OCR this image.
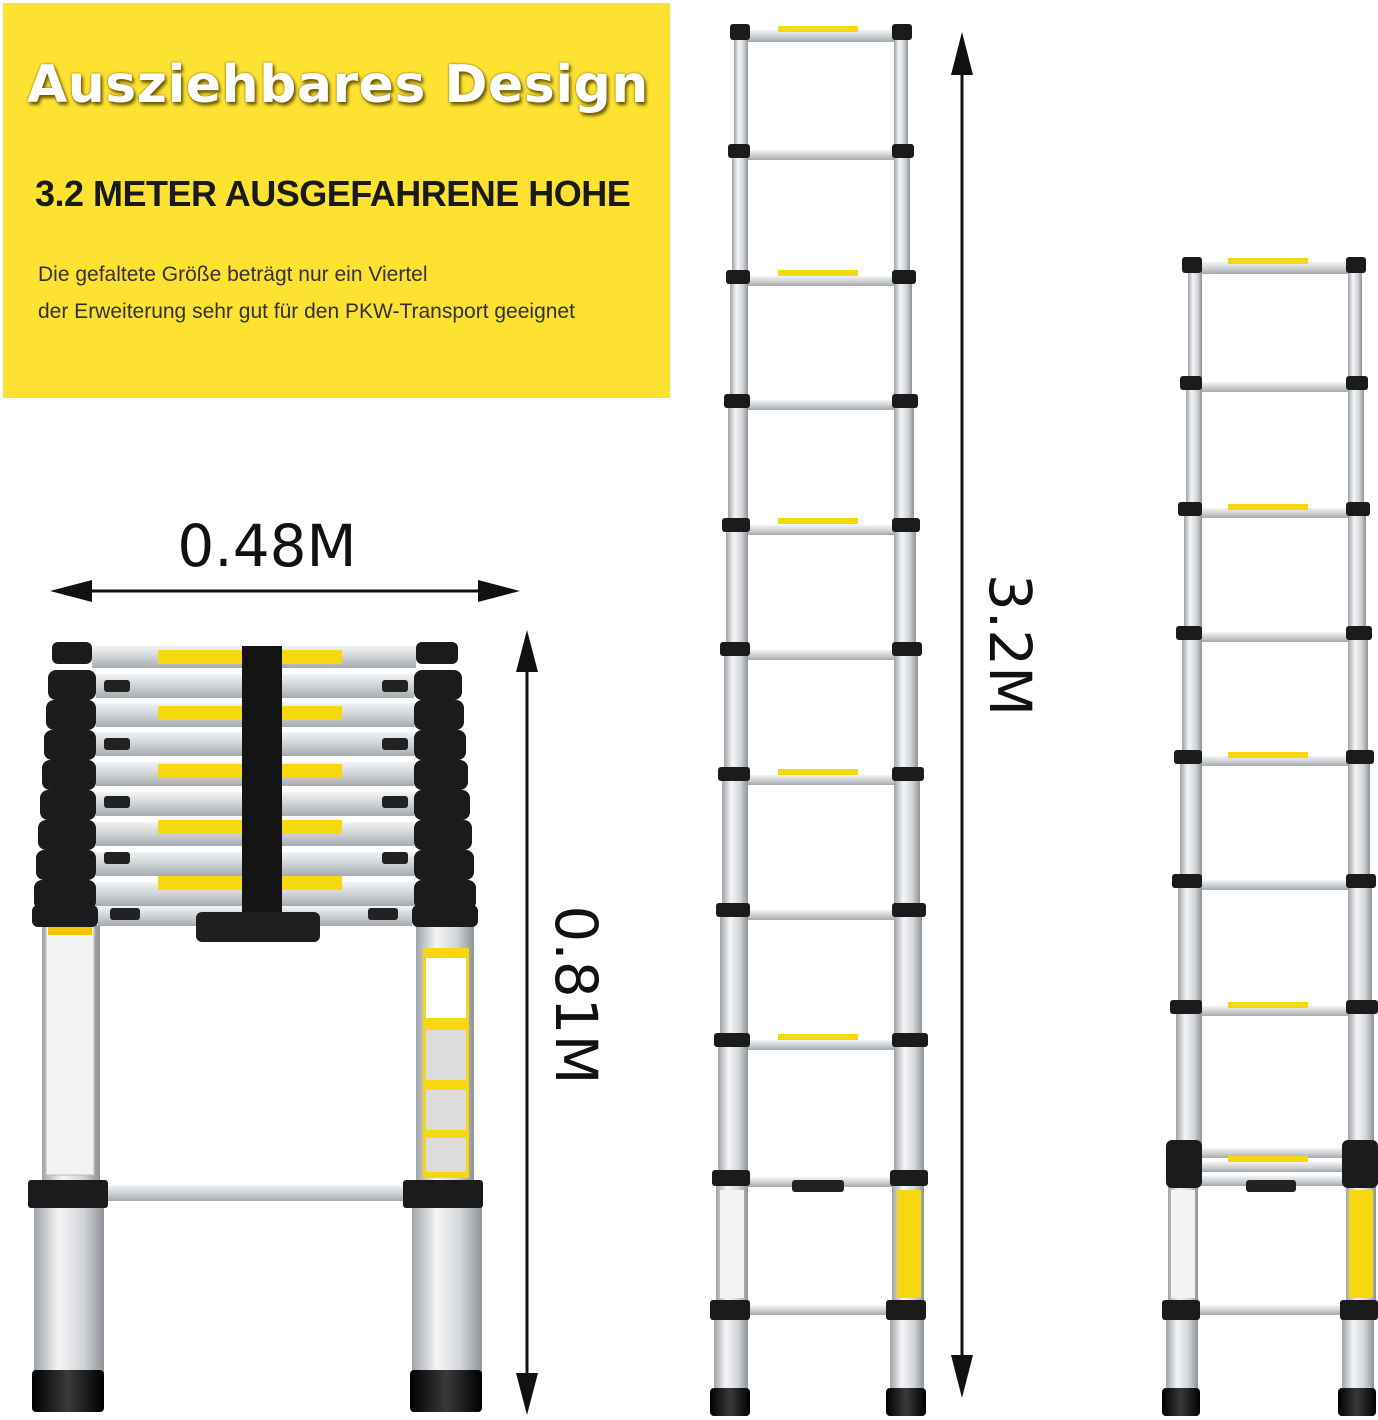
Ausziehbares Design
3.2 METER AUSGEFAHRENE HOHE

Die gefaltete Größe beträgt nur ein Viertel

der Erweiterung sehr gut für den PKW-Transport geeignet

0.48M
0.81M
3.2M
